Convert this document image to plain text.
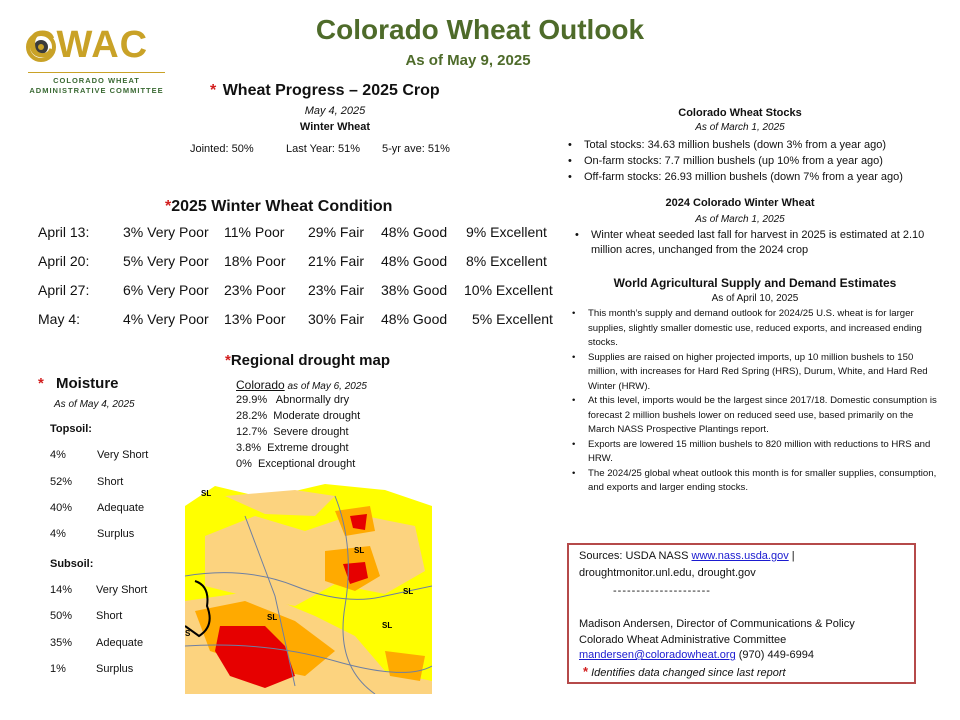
Colorado Wheat Outlook
As of May 9, 2025
CWAC
COLORADO WHEAT
ADMINISTRATIVE COMMITTEE	* Wheat Progress – 2025 Crop
May 4, 2025
Winter Wheat
Jointed: 50%	Last Year: 51% 5-yr ave: 51%
*2025 Winter Wheat Condition
April 13: 3% Very Poor 11% Poor 29% Fair 48% Good 9% Excellent
April 20: 5% Very Poor 18% Poor 21% Fair 48% Good 8% Excellent
April 27: 6% Very Poor 23% Poor 23% Fair 38% Good 10% Excellent
May 4:	4% Very Poor 13% Poor 30% Fair 48% Good 5% Excellent
* Moisture
As of May 4, 2025
Topsoil:
4%	Very Short
52% Short
40% Adequate
4%	Surplus
Subsoil:
14% Very Short
50% Short
35% Adequate
1%	Surplus
*Regional drought map
Colorado as of May 6, 2025
29.9%   Abnormally dry
28.2%  Moderate drought
12.7%  Severe drought
3.8%  Extreme drought
0%  Exceptional drought
SL
SL
SL
SL
SL
S
Colorado Wheat Stocks
As of March 1, 2025
• Total stocks: 34.63 million bushels (down 3% from a year ago)
• On-farm stocks: 7.7 million bushels (up 10% from a year ago)
• Off-farm stocks: 26.93 million bushels (down 7% from a year ago)
2024 Colorado Winter Wheat
As of March 1, 2025
• Winter wheat seeded last fall for harvest in 2025 is estimated at 2.10 million acres, unchanged from the 2024 crop
World Agricultural Supply and Demand Estimates
As of April 10, 2025
• This month’s supply and demand outlook for 2024/25 U.S. wheat is for larger supplies, slightly smaller domestic use, reduced exports, and increased ending stocks.
• Supplies are raised on higher projected imports, up 10 million bushels to 150 million, with increases for Hard Red Spring (HRS), Durum, White, and Hard Red Winter (HRW).
• At this level, imports would be the largest since 2017/18. Domestic consumption is forecast 2 million bushels lower on reduced seed use, based primarily on the March NASS Prospective Plantings report.
• Exports are lowered 15 million bushels to 820 million with reductions to HRS and HRW.
• The 2024/25 global wheat outlook this month is for smaller supplies, consumption, and exports and larger ending stocks.
Sources: USDA NASS www.nass.usda.gov |
droughtmonitor.unl.edu, drought.gov
---------------------
Madison Andersen, Director of Communications & Policy
Colorado Wheat Administrative Committee
mandersen@coloradowheat.org (970) 449-6994
* Identifies data changed since last report
